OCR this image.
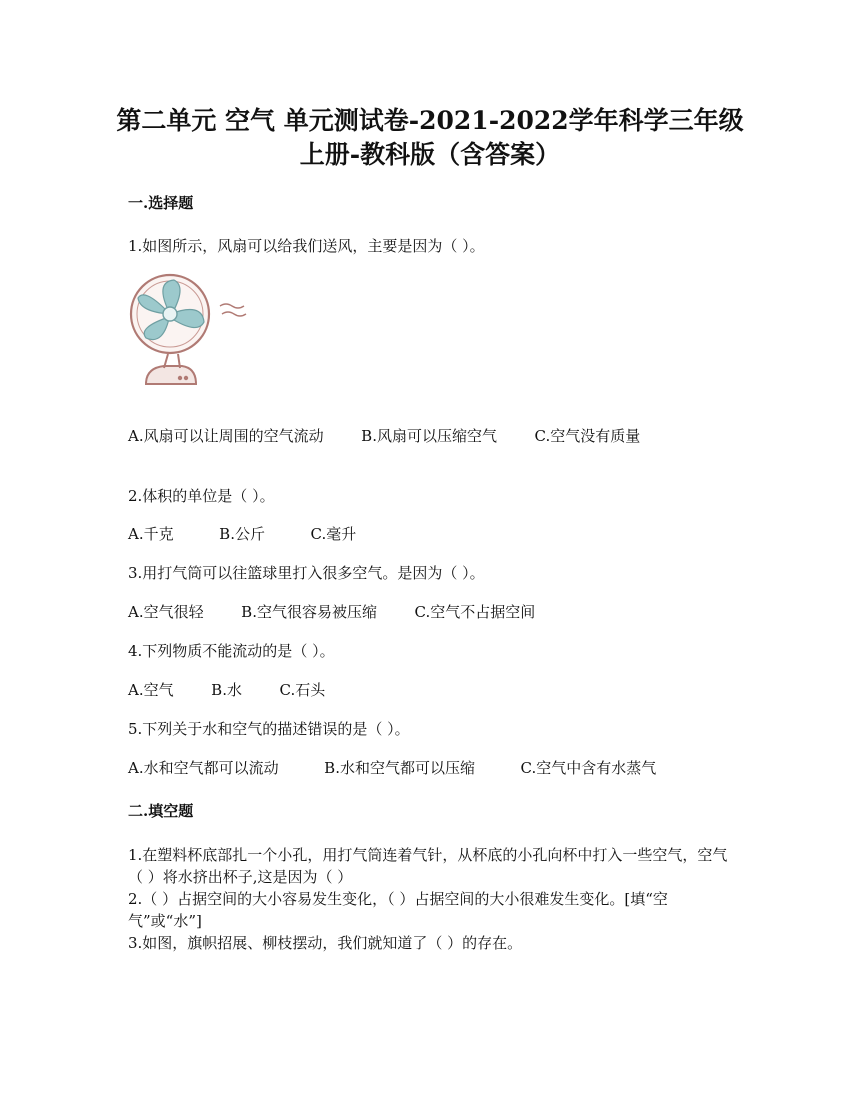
第二单元 空气 单元测试卷-2021-2022学年科学三年级
上册-教科版（含答案）

一.选择题

1.如图所示，风扇可以给我们送风，主要是因为（ ）。

A.风扇可以让周围的空气流动	B.风扇可以压缩空气	C.空气没有质量

2.体积的单位是（ ）。

A.千克	B.公斤	C.毫升

3.用打气筒可以往篮球里打入很多空气。是因为（ ）。

A.空气很轻	B.空气很容易被压缩	C.空气不占据空间

4.下列物质不能流动的是（ ）。

A.空气	B.水	C.石头

5.下列关于水和空气的描述错误的是（ ）。

A.水和空气都可以流动	B.水和空气都可以压缩	C.空气中含有水蒸气

二.填空题

1.在塑料杯底部扎一个小孔，用打气筒连着气针，从杯底的小孔向杯中打入一些空气，空气（ ）将水挤出杯子,这是因为（ ）

2.（ ）占据空间的大小容易发生变化，（ ）占据空间的大小很难发生变化。[填“空气”或“水”]

3.如图，旗帜招展、柳枝摆动，我们就知道了（ ）的存在。
